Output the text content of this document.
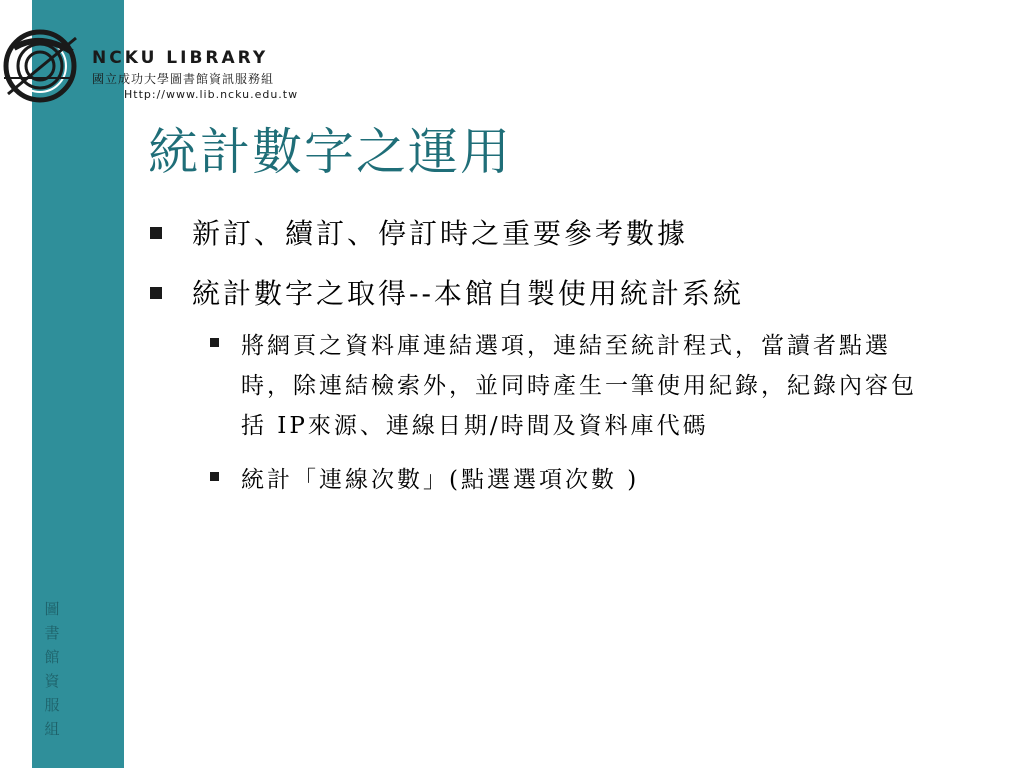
圖
書
館
資
服
組
NCKU LIBRARY
國立成功大學圖書館資訊服務組
Http://www.lib.ncku.edu.tw
統計數字之運用
新訂、續訂、停訂時之重要參考數據
統計數字之取得--本館自製使用統計系統
將網頁之資料庫連結選項，連結至統計程式，當讀者點選時，除連結檢索外，並同時產生一筆使用紀錄，紀錄內容包括 IP來源、連線日期/時間及資料庫代碼
統計「連線次數」(點選選項次數 )
